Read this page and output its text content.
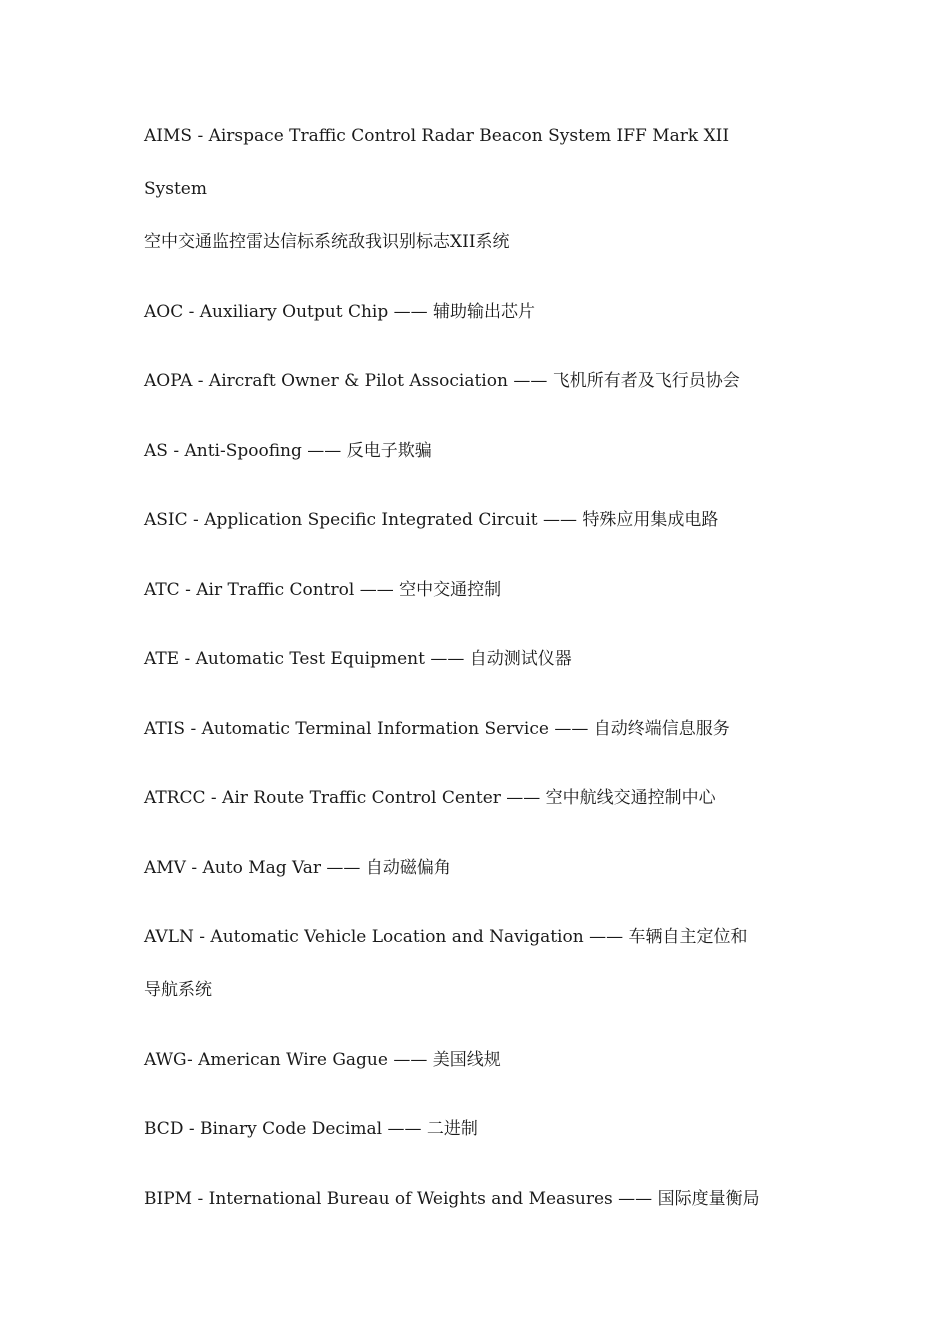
AIMS - Airspace Traffic Control Radar Beacon System IFF Mark XII

System

空中交通监控雷达信标系统敌我识别标志XII系统

AOC - Auxiliary Output Chip —— 辅助输出芯片

AOPA - Aircraft Owner & Pilot Association —— 飞机所有者及飞行员协会

AS - Anti-Spoofing —— 反电子欺骗

ASIC - Application Specific Integrated Circuit —— 特殊应用集成电路

ATC - Air Traffic Control —— 空中交通控制

ATE - Automatic Test Equipment —— 自动测试仪器

ATIS - Automatic Terminal Information Service —— 自动终端信息服务

ATRCC - Air Route Traffic Control Center —— 空中航线交通控制中心

AMV - Auto Mag Var —— 自动磁偏角

AVLN - Automatic Vehicle Location and Navigation —— 车辆自主定位和

导航系统

AWG- American Wire Gague —— 美国线规

BCD - Binary Code Decimal —— 二进制

BIPM - International Bureau of Weights and Measures —— 国际度量衡局
